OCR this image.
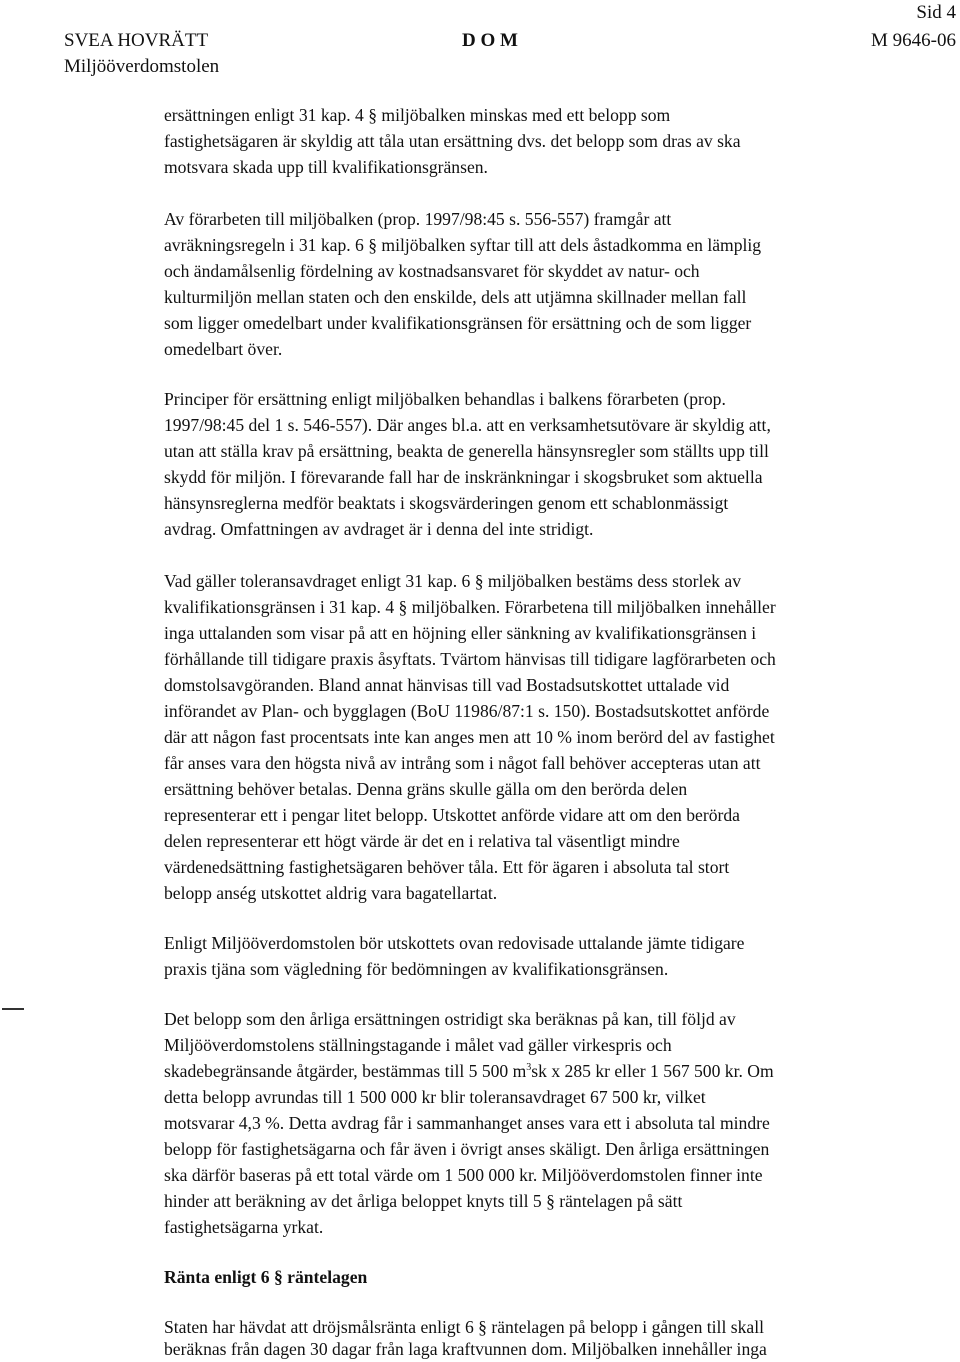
Sid 4
SVEA HOVRÄTT
Miljööverdomstolen
D O M	M 9646-06
ersättningen enligt 31 kap. 4 § miljöbalken minskas med ett belopp som
fastighetsägaren är skyldig att tåla utan ersättning dvs. det belopp som dras av ska
motsvara skada upp till kvalifikationsgränsen.
Av förarbeten till miljöbalken (prop. 1997/98:45 s. 556-557) framgår att
avräkningsregeln i 31 kap. 6 § miljöbalken syftar till att dels åstadkomma en lämplig
och ändamålsenlig fördelning av kostnadsansvaret för skyddet av natur- och
kulturmiljön mellan staten och den enskilde, dels att utjämna skillnader mellan fall
som ligger omedelbart under kvalifikationsgränsen för ersättning och de som ligger
omedelbart över.
Principer för ersättning enligt miljöbalken behandlas i balkens förarbeten (prop.
1997/98:45 del 1 s. 546-557). Där anges bl.a. att en verksamhetsutövare är skyldig att,
utan att ställa krav på ersättning, beakta de generella hänsynsregler som ställts upp till
skydd för miljön. I förevarande fall har de inskränkningar i skogsbruket som aktuella
hänsynsreglerna medför beaktats i skogsvärderingen genom ett schablonmässigt
avdrag. Omfattningen av avdraget är i denna del inte stridigt.
Vad gäller toleransavdraget enligt 31 kap. 6 § miljöbalken bestäms dess storlek av
kvalifikationsgränsen i 31 kap. 4 § miljöbalken. Förarbetena till miljöbalken innehåller
inga uttalanden som visar på att en höjning eller sänkning av kvalifikationsgränsen i
förhållande till tidigare praxis åsyftats. Tvärtom hänvisas till tidigare lagförarbeten och
domstolsavgöranden. Bland annat hänvisas till vad Bostadsutskottet uttalade vid
införandet av Plan- och bygglagen (BoU 11986/87:1 s. 150). Bostadsutskottet anförde
där att någon fast procentsats inte kan anges men att 10 % inom berörd del av fastighet
får anses vara den högsta nivå av intrång som i något fall behöver accepteras utan att
ersättning behöver betalas. Denna gräns skulle gälla om den berörda delen
representerar ett i pengar litet belopp. Utskottet anförde vidare att om den berörda
delen representerar ett högt värde är det en i relativa tal väsentligt mindre
värdenedsättning fastighetsägaren behöver tåla. Ett för ägaren i absoluta tal stort
belopp anség utskottet aldrig vara bagatellartat.
Enligt Miljööverdomstolen bör utskottets ovan redovisade uttalande jämte tidigare
praxis tjäna som vägledning för bedömningen av kvalifikationsgränsen.
Det belopp som den årliga ersättningen ostridigt ska beräknas på kan, till följd av
Miljööverdomstolens ställningstagande i målet vad gäller virkespris och
skadebegränsande åtgärder, bestämmas till 5 500 $m^3sk$ x 285 kr eller 1 567 500 kr. Om
detta belopp avrundas till 1 500 000 kr blir toleransavdraget 67 500 kr, vilket
motsvarar 4,3 %. Detta avdrag får i sammanhanget anses vara ett i absoluta tal mindre
belopp för fastighetsägarna och får även i övrigt anses skäligt. Den årliga ersättningen
ska därför baseras på ett total värde om 1 500 000 kr. Miljööverdomstolen finner inte
hinder att beräkning av det årliga beloppet knyts till 5 § räntelagen på sätt
fastighetsägarna yrkat.
Ränta enligt 6 § räntelagen
Staten har hävdat att dröjsmålsränta enligt 6 § räntelagen på belopp i gången till skall
beräknas från dagen 30 dagar från laga kraftvunnen dom. Miljöbalken innehåller inga
